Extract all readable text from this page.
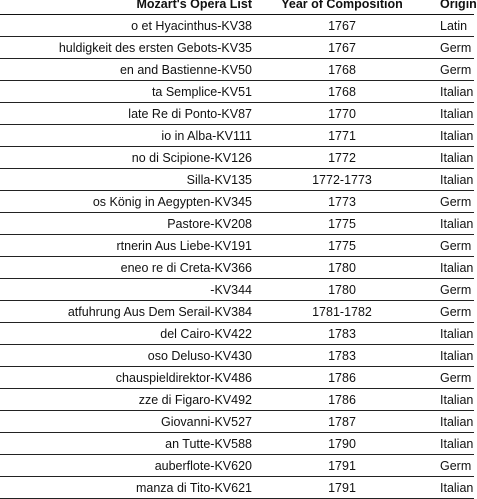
Mozart's Opera List	Year of Composition	Origin
o et Hyacinthus-KV38	1767	Latin
huldigkeit des ersten Gebots-KV35	1767	Germ
en and Bastienne-KV50	1768	Germ
ta Semplice-KV51	1768	Italian
late Re di Ponto-KV87	1770	Italian
io in Alba-KV111	1771	Italian
no di Scipione-KV126	1772	Italian
Silla-KV135	1772-1773	Italian
os König in Aegypten-KV345	1773	Germ
Pastore-KV208	1775	Italian
rtnerin Aus Liebe-KV191	1775	Germ
eneo re di Creta-KV366	1780	Italian
-KV344	1780	Germ
atfuhrung Aus Dem Serail-KV384	1781-1782	Germ
del Cairo-KV422	1783	Italian
oso Deluso-KV430	1783	Italian
chauspieldirektor-KV486	1786	Germ
zze di Figaro-KV492	1786	Italian
Giovanni-KV527	1787	Italian
an Tutte-KV588	1790	Italian
auberflote-KV620	1791	Germ
manza di Tito-KV621	1791	Italian
